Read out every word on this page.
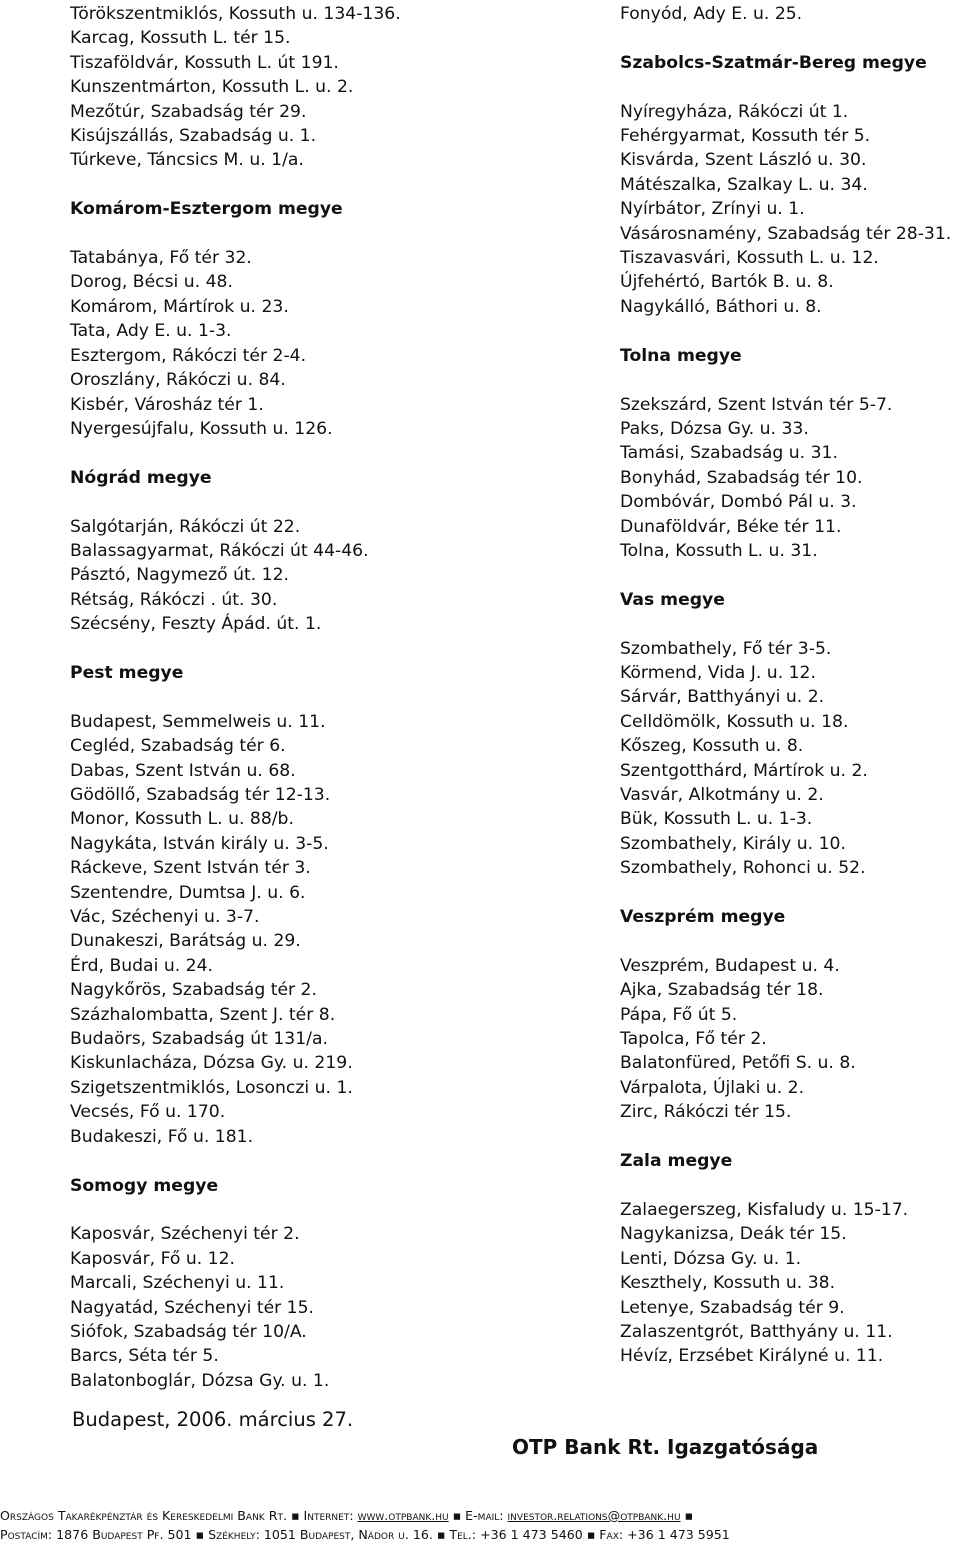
Törökszentmiklós, Kossuth u. 134-136.
Karcag, Kossuth L. tér 15.
Tiszaföldvár, Kossuth L. út 191.
Kunszentmárton, Kossuth L. u. 2.
Mezőtúr, Szabadság tér 29.
Kisújszállás, Szabadság u. 1.
Túrkeve, Táncsics M. u. 1/a.
Komárom-Esztergom megye
Tatabánya, Fő tér 32.
Dorog, Bécsi u. 48.
Komárom, Mártírok u. 23.
Tata, Ady E. u. 1-3.
Esztergom, Rákóczi tér 2-4.
Oroszlány, Rákóczi u. 84.
Kisbér, Városház tér 1.
Nyergesújfalu, Kossuth u. 126.
Nógrád megye
Salgótarján, Rákóczi út 22.
Balassagyarmat, Rákóczi út 44-46.
Pásztó, Nagymező út. 12.
Rétság, Rákóczi . út. 30.
Szécsény, Feszty Ápád. út. 1.
Pest megye
Budapest, Semmelweis u. 11.
Cegléd, Szabadság tér 6.
Dabas, Szent István u. 68.
Gödöllő, Szabadság tér 12-13.
Monor, Kossuth L. u. 88/b.
Nagykáta, István király u. 3-5.
Ráckeve, Szent István tér 3.
Szentendre, Dumtsa J. u. 6.
Vác, Széchenyi u. 3-7.
Dunakeszi, Barátság u. 29.
Érd, Budai u. 24.
Nagykőrös, Szabadság tér 2.
Százhalombatta, Szent J. tér 8.
Budaörs, Szabadság út 131/a.
Kiskunlacháza, Dózsa Gy. u. 219.
Szigetszentmiklós, Losonczi u. 1.
Vecsés, Fő u. 170.
Budakeszi, Fő u. 181.
Somogy megye
Kaposvár, Széchenyi tér 2.
Kaposvár, Fő u. 12.
Marcali, Széchenyi u. 11.
Nagyatád, Széchenyi tér 15.
Siófok, Szabadság tér 10/A.
Barcs, Séta tér 5.
Balatonboglár, Dózsa Gy. u. 1.
Fonyód, Ady E. u. 25.
Szabolcs-Szatmár-Bereg megye
Nyíregyháza, Rákóczi út 1.
Fehérgyarmat, Kossuth tér 5.
Kisvárda, Szent László u. 30.
Mátészalka, Szalkay L. u. 34.
Nyírbátor, Zrínyi u. 1.
Vásárosnamény, Szabadság tér 28-31.
Tiszavasvári, Kossuth L. u. 12.
Újfehértó, Bartók B. u. 8.
Nagykálló, Báthori u. 8.
Tolna megye
Szekszárd, Szent István tér 5-7.
Paks, Dózsa Gy. u. 33.
Tamási, Szabadság u. 31.
Bonyhád, Szabadság tér 10.
Dombóvár, Dombó Pál u. 3.
Dunaföldvár, Béke tér 11.
Tolna, Kossuth L. u. 31.
Vas megye
Szombathely, Fő tér 3-5.
Körmend, Vida J. u. 12.
Sárvár, Batthyányi u. 2.
Celldömölk, Kossuth u. 18.
Kőszeg, Kossuth u. 8.
Szentgotthárd, Mártírok u. 2.
Vasvár, Alkotmány u. 2.
Bük, Kossuth L. u. 1-3.
Szombathely, Király u. 10.
Szombathely, Rohonci u. 52.
Veszprém megye
Veszprém, Budapest u. 4.
Ajka, Szabadság tér 18.
Pápa, Fő út 5.
Tapolca, Fő tér 2.
Balatonfüred, Petőfi S. u. 8.
Várpalota, Újlaki u. 2.
Zirc, Rákóczi tér 15.
Zala megye
Zalaegerszeg, Kisfaludy u. 15-17.
Nagykanizsa, Deák tér 15.
Lenti, Dózsa Gy. u. 1.
Keszthely, Kossuth u. 38.
Letenye, Szabadság tér 9.
Zalaszentgrót, Batthyány u. 11.
Hévíz, Erzsébet Királyné u. 11.
Budapest, 2006. március 27.
OTP Bank Rt. Igazgatósága
Országos Takarékpénztár és Kereskedelmi Bank Rt. ▪ Internet: www.otpbank.hu ▪ E-mail: investor.relations@otpbank.hu ▪
Postacím: 1876 Budapest Pf. 501 ▪ Székhely: 1051 Budapest, Nádor u. 16. ▪ Tel.: +36 1 473 5460 ▪ Fax: +36 1 473 5951
